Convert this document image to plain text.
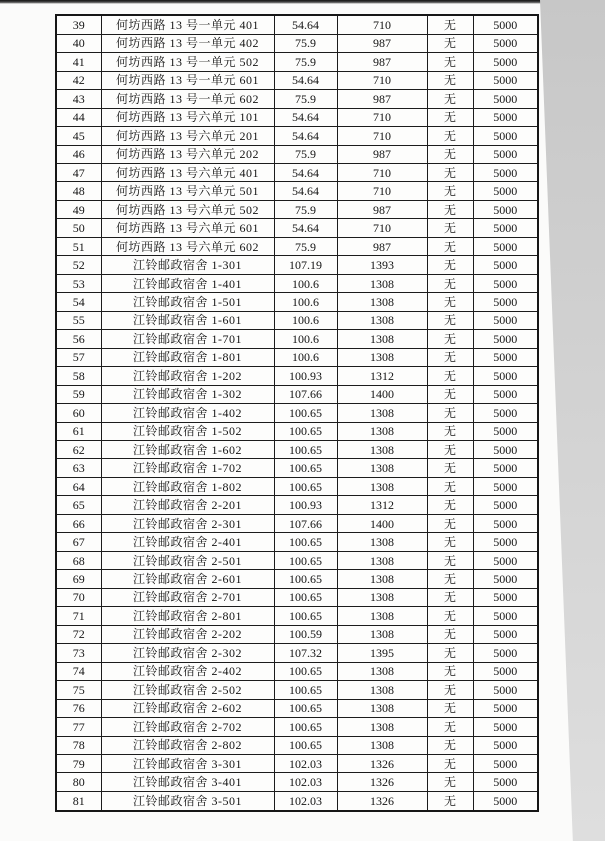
39	何坊西路 13 号一单元 401	54.64	710	无	5000
40	何坊西路 13 号一单元 402	75.9	987	无	5000
41	何坊西路 13 号一单元 502	75.9	987	无	5000
42	何坊西路 13 号一单元 601	54.64	710	无	5000
43	何坊西路 13 号一单元 602	75.9	987	无	5000
44	何坊西路 13 号六单元 101	54.64	710	无	5000
45	何坊西路 13 号六单元 201	54.64	710	无	5000
46	何坊西路 13 号六单元 202	75.9	987	无	5000
47	何坊西路 13 号六单元 401	54.64	710	无	5000
48	何坊西路 13 号六单元 501	54.64	710	无	5000
49	何坊西路 13 号六单元 502	75.9	987	无	5000
50	何坊西路 13 号六单元 601	54.64	710	无	5000
51	何坊西路 13 号六单元 602	75.9	987	无	5000
52	江铃邮政宿舍 1-301	107.19	1393	无	5000
53	江铃邮政宿舍 1-401	100.6	1308	无	5000
54	江铃邮政宿舍 1-501	100.6	1308	无	5000
55	江铃邮政宿舍 1-601	100.6	1308	无	5000
56	江铃邮政宿舍 1-701	100.6	1308	无	5000
57	江铃邮政宿舍 1-801	100.6	1308	无	5000
58	江铃邮政宿舍 1-202	100.93	1312	无	5000
59	江铃邮政宿舍 1-302	107.66	1400	无	5000
60	江铃邮政宿舍 1-402	100.65	1308	无	5000
61	江铃邮政宿舍 1-502	100.65	1308	无	5000
62	江铃邮政宿舍 1-602	100.65	1308	无	5000
63	江铃邮政宿舍 1-702	100.65	1308	无	5000
64	江铃邮政宿舍 1-802	100.65	1308	无	5000
65	江铃邮政宿舍 2-201	100.93	1312	无	5000
66	江铃邮政宿舍 2-301	107.66	1400	无	5000
67	江铃邮政宿舍 2-401	100.65	1308	无	5000
68	江铃邮政宿舍 2-501	100.65	1308	无	5000
69	江铃邮政宿舍 2-601	100.65	1308	无	5000
70	江铃邮政宿舍 2-701	100.65	1308	无	5000
71	江铃邮政宿舍 2-801	100.65	1308	无	5000
72	江铃邮政宿舍 2-202	100.59	1308	无	5000
73	江铃邮政宿舍 2-302	107.32	1395	无	5000
74	江铃邮政宿舍 2-402	100.65	1308	无	5000
75	江铃邮政宿舍 2-502	100.65	1308	无	5000
76	江铃邮政宿舍 2-602	100.65	1308	无	5000
77	江铃邮政宿舍 2-702	100.65	1308	无	5000
78	江铃邮政宿舍 2-802	100.65	1308	无	5000
79	江铃邮政宿舍 3-301	102.03	1326	无	5000
80	江铃邮政宿舍 3-401	102.03	1326	无	5000
81	江铃邮政宿舍 3-501	102.03	1326	无	5000
